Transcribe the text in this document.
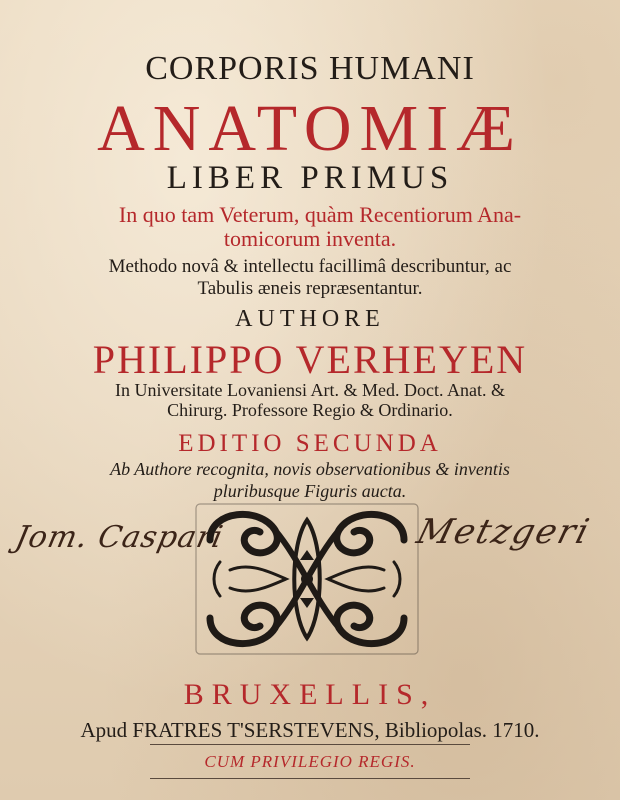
CORPORIS HUMANI
ANATOMIÆ
LIBER PRIMUS
In quo tam Veterum, quàm Recentiorum Ana-
tomicorum inventa.
Methodo novâ & intellectu facillimâ describuntur, ac
Tabulis æneis repræsentantur.
AUTHORE
PHILIPPO VERHEYEN
In Universitate Lovaniensi Art. & Med. Doct. Anat. &
Chirurg. Professore Regio & Ordinario.
EDITIO SECUNDA
Ab Authore recognita, novis observationibus & inventis
pluribusque Figuris aucta.
Jom. Caspari	Metzgeri
BRUXELLIS,
Apud FRATRES T'SERSTEVENS, Bibliopolas. 1710.
CUM PRIVILEGIO REGIS.
